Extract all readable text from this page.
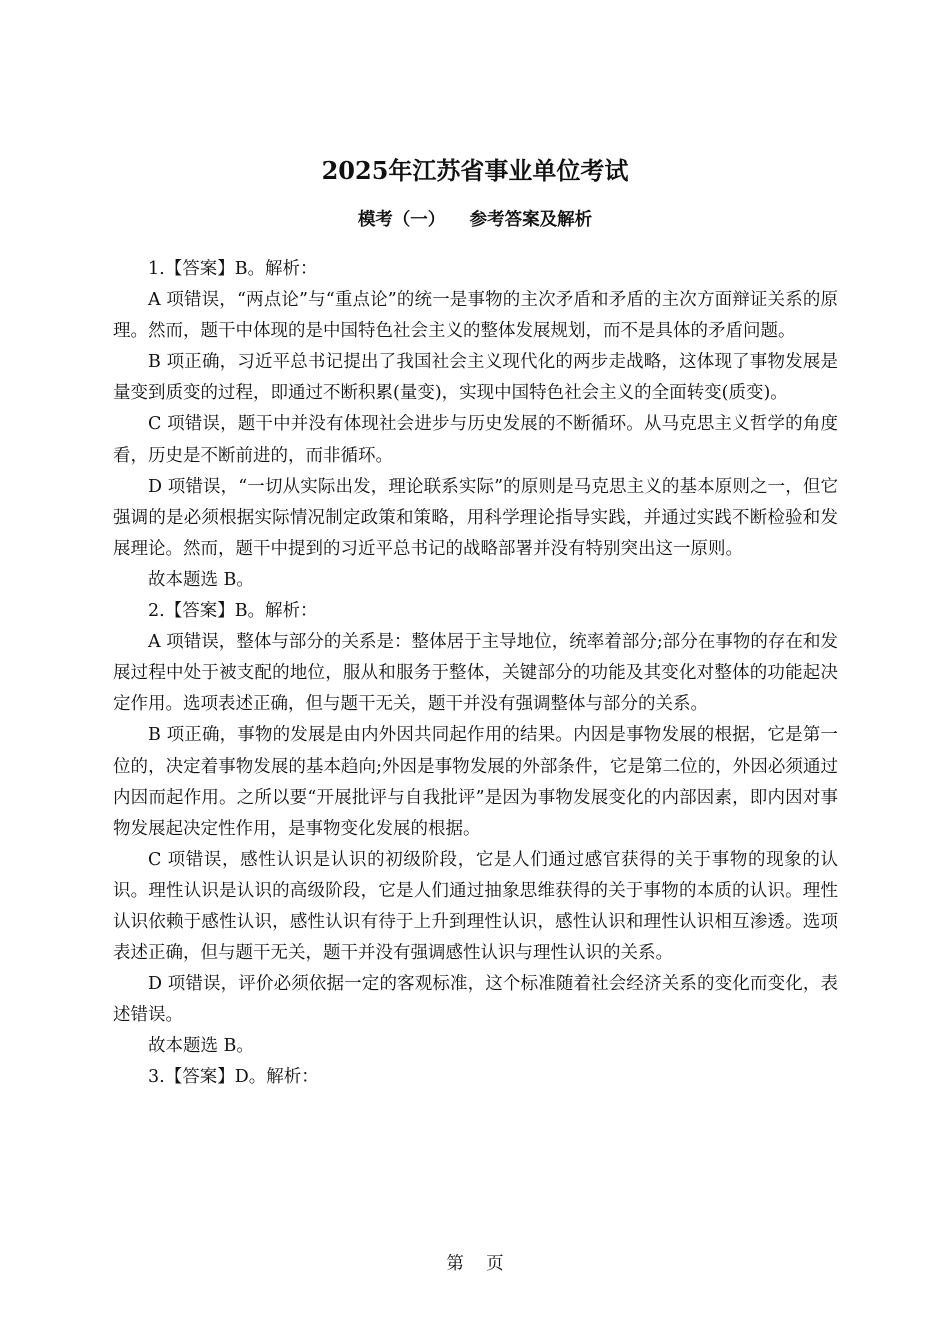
2025年江苏省事业单位考试
模考（一）    参考答案及解析

1.【答案】B。解析：

A 项错误，“两点论”与“重点论”的统一是事物的主次矛盾和矛盾的主次方面辩证关系的原理。然而，题干中体现的是中国特色社会主义的整体发展规划，而不是具体的矛盾问题。

B 项正确，习近平总书记提出了我国社会主义现代化的两步走战略，这体现了事物发展是量变到质变的过程，即通过不断积累(量变)，实现中国特色社会主义的全面转变(质变)。

C 项错误，题干中并没有体现社会进步与历史发展的不断循环。从马克思主义哲学的角度看，历史是不断前进的，而非循环。

D 项错误，“一切从实际出发，理论联系实际”的原则是马克思主义的基本原则之一，但它强调的是必须根据实际情况制定政策和策略，用科学理论指导实践，并通过实践不断检验和发展理论。然而，题干中提到的习近平总书记的战略部署并没有特别突出这一原则。

故本题选 B。

2.【答案】B。解析：

A 项错误，整体与部分的关系是：整体居于主导地位，统率着部分;部分在事物的存在和发展过程中处于被支配的地位，服从和服务于整体，关键部分的功能及其变化对整体的功能起决定作用。选项表述正确，但与题干无关，题干并没有强调整体与部分的关系。

B 项正确，事物的发展是由内外因共同起作用的结果。内因是事物发展的根据，它是第一位的，决定着事物发展的基本趋向;外因是事物发展的外部条件，它是第二位的，外因必须通过内因而起作用。之所以要“开展批评与自我批评”是因为事物发展变化的内部因素，即内因对事物发展起决定性作用，是事物变化发展的根据。

C 项错误，感性认识是认识的初级阶段，它是人们通过感官获得的关于事物的现象的认识。理性认识是认识的高级阶段，它是人们通过抽象思维获得的关于事物的本质的认识。理性认识依赖于感性认识，感性认识有待于上升到理性认识，感性认识和理性认识相互渗透。选项表述正确，但与题干无关，题干并没有强调感性认识与理性认识的关系。

D 项错误，评价必须依据一定的客观标准，这个标准随着社会经济关系的变化而变化，表述错误。

故本题选 B。

3.【答案】D。解析：

第    页
